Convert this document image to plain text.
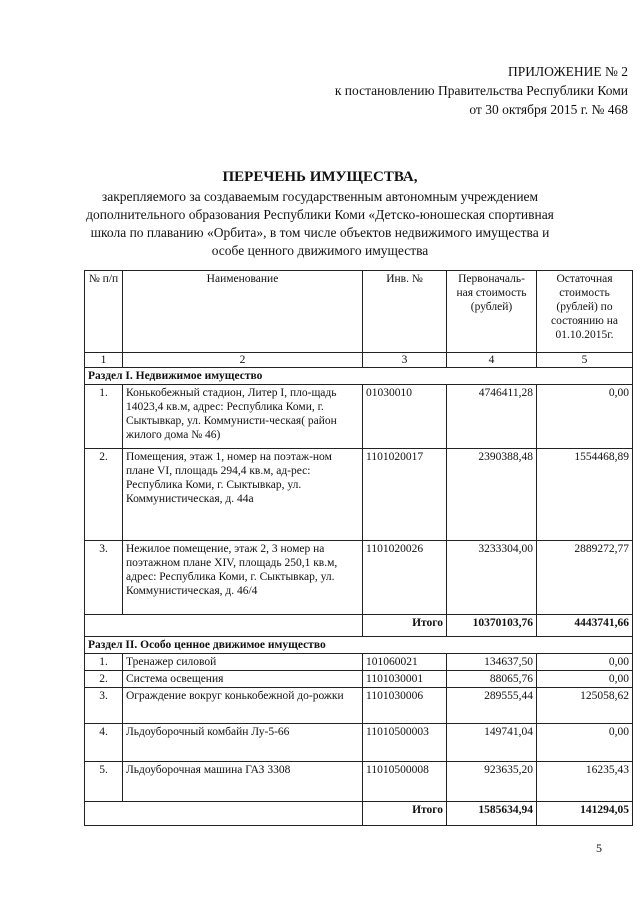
ПРИЛОЖЕНИЕ № 2
к постановлению Правительства Республики Коми
от 30 октября 2015 г. № 468
ПЕРЕЧЕНЬ ИМУЩЕСТВА,
закрепляемого за создаваемым государственным автономным учреждением
дополнительного образования Республики Коми «Детско-юношеская спортивная
школа по плаванию «Орбита», в том числе объектов недвижимого имущества и
особе ценного движимого имущества
№ п/п	Наименование	Инв. №	Первоначаль-ная стоимость (рублей)	Остаточная стоимость (рублей) по состоянию на 01.10.2015г.
1	2	3	4	5
Раздел I. Недвижимое имущество				
1.	Конькобежный стадион, Литер I, пло-щадь 14023,4 кв.м, адрес: Республика Коми, г. Сыктывкар, ул. Коммунисти-ческая( район жилого дома № 46)	01030010	4746411,28	0,00
2.	Помещения, этаж 1, номер на поэтаж-ном плане VI, площадь 294,4 кв.м, ад-рес: Республика Коми, г. Сыктывкар, ул. Коммунистическая, д. 44а	1101020017	2390388,48	1554468,89
3.	Нежилое помещение, этаж 2, 3 номер на поэтажном плане XIV, площадь 250,1 кв.м, адрес: Республика Коми, г. Сыктывкар, ул. Коммунистическая, д. 46/4	1101020026	3233304,00	2889272,77
		Итого	10370103,76	4443741,66
Раздел II. Особо ценное движимое имущество				
1.	Тренажер силовой	101060021	134637,50	0,00
2.	Система освещения	1101030001	88065,76	0,00
3.	Ограждение вокруг конькобежной до-рожки	1101030006	289555,44	125058,62
4.	Льдоуборочный комбайн Лу-5-66	11010500003	149741,04	0,00
5.	Льдоуборочная машина ГАЗ 3308	11010500008	923635,20	16235,43
		Итого	1585634,94	141294,05
5
